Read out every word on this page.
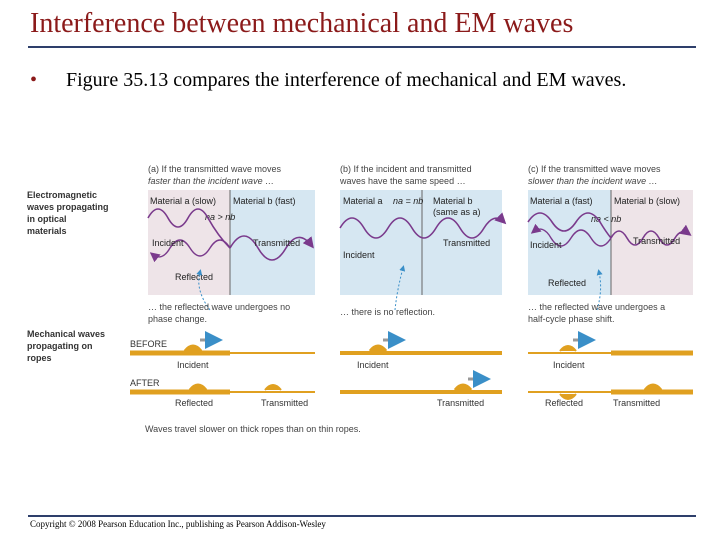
Interference between mechanical and EM waves
• Figure 35.13 compares the interference of mechanical and EM waves.
Electromagnetic
waves propagating
in optical
materials
Mechanical waves
propagating on
ropes
(a) If the transmitted wave moves
faster than the incident wave …
Material a (slow) Material b (fast)
na > nb
Incident	Transmitted
Reflected
… the reflected wave undergoes no
phase change.
BEFORE
Incident
AFTER
Reflected	Transmitted
Waves travel slower on thick ropes than on thin ropes.
(b) If the incident and transmitted
waves have the same speed …
Material a	Material b
(same as a)
na = nb
Incident
Transmitted
… there is no reflection.
Incident
Transmitted
(c) If the transmitted wave moves
slower than the incident wave …
Material a (fast) Material b (slow)
na < nb
Incident	Transmitted
Reflected
… the reflected wave undergoes a
half-cycle phase shift.
Incident
Reflected	Transmitted
Copyright © 2008 Pearson Education Inc., publishing as Pearson Addison-Wesley
